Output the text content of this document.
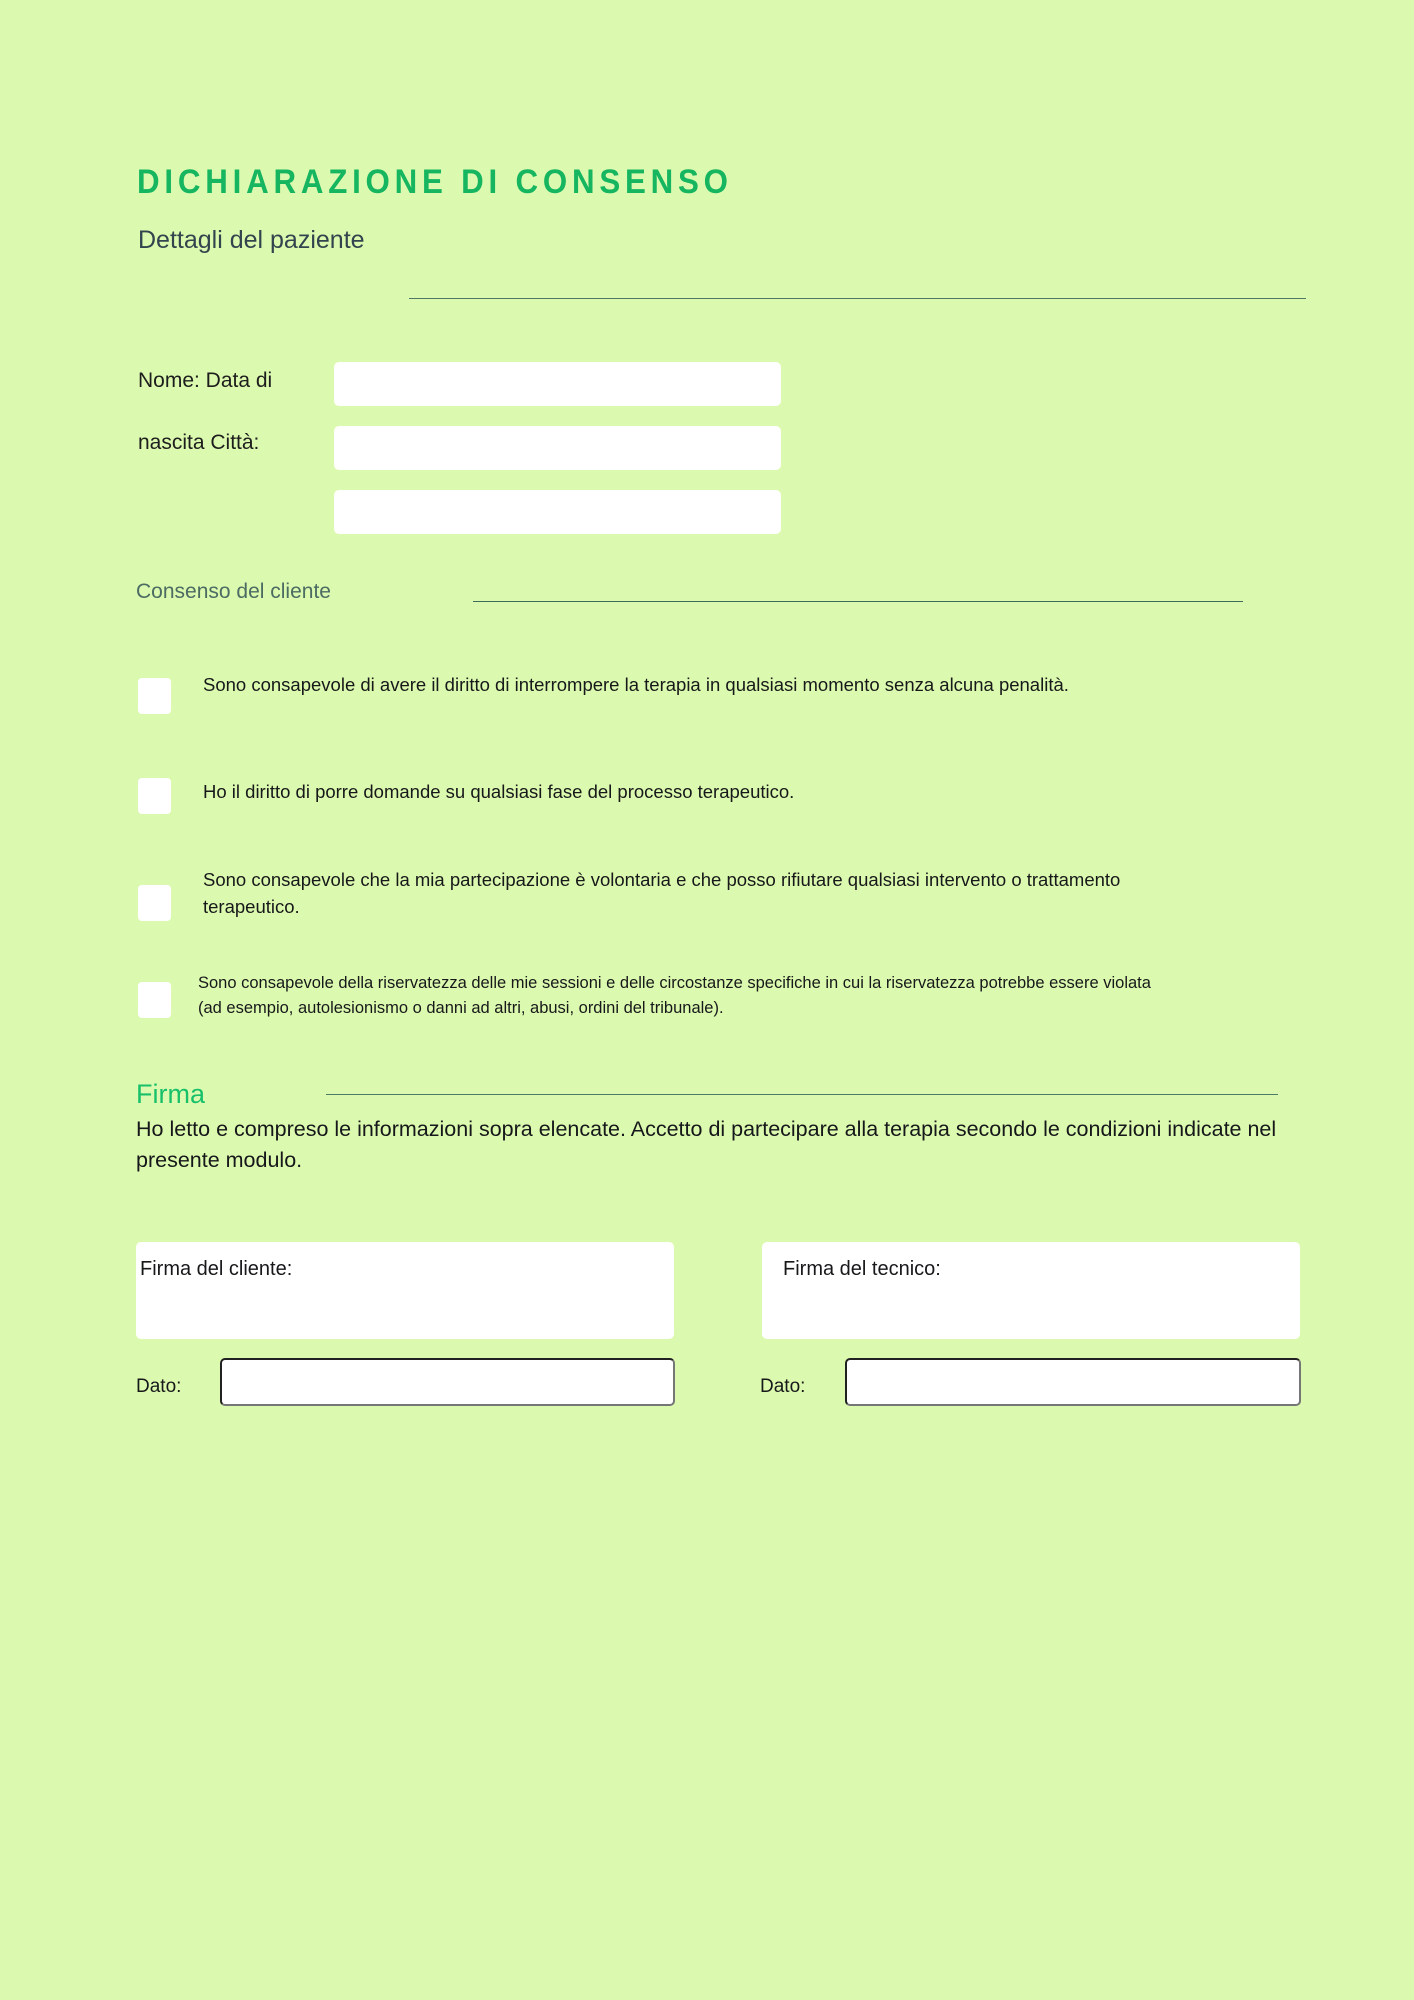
DICHIARAZIONE DI CONSENSO
Dettagli del paziente
Nome: Data di
nascita Città:
Consenso del cliente
Sono consapevole di avere il diritto di interrompere la terapia in qualsiasi momento senza alcuna penalità.
Ho il diritto di porre domande su qualsiasi fase del processo terapeutico.
Sono consapevole che la mia partecipazione è volontaria e che posso rifiutare qualsiasi intervento o trattamento terapeutico.
Sono consapevole della riservatezza delle mie sessioni e delle circostanze specifiche in cui la riservatezza potrebbe essere violata (ad esempio, autolesionismo o danni ad altri, abusi, ordini del tribunale).
Firma
Ho letto e compreso le informazioni sopra elencate. Accetto di partecipare alla terapia secondo le condizioni indicate nel presente modulo.
Firma del cliente:	Firma del tecnico:
Dato:	Dato:
